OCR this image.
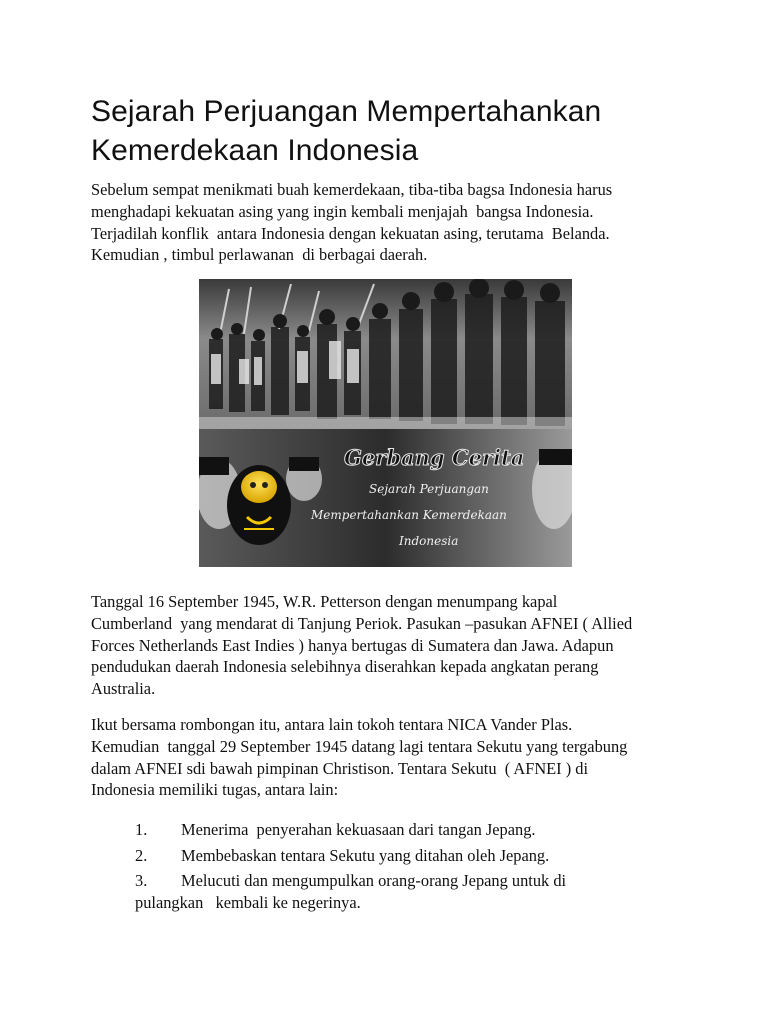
Sejarah Perjuangan Mempertahankan
Kemerdekaan Indonesia
Sebelum sempat menikmati buah kemerdekaan, tiba-tiba bagsa Indonesia harus
menghadapi kekuatan asing yang ingin kembali menjajah  bangsa Indonesia.
Terjadilah konflik  antara Indonesia dengan kekuatan asing, terutama  Belanda.
Kemudian , timbul perlawanan  di berbagai daerah.
Gerbang Cerita
Sejarah Perjuangan
Mempertahankan Kemerdekaan
Indonesia
Tanggal 16 September 1945, W.R. Petterson dengan menumpang kapal
Cumberland  yang mendarat di Tanjung Periok. Pasukan –pasukan AFNEI ( Allied
Forces Netherlands East Indies ) hanya bertugas di Sumatera dan Jawa. Adapun
pendudukan daerah Indonesia selebihnya diserahkan kepada angkatan perang
Australia.
Ikut bersama rombongan itu, antara lain tokoh tentara NICA Vander Plas.
Kemudian  tanggal 29 September 1945 datang lagi tentara Sekutu yang tergabung
dalam AFNEI sdi bawah pimpinan Christison. Tentara Sekutu  ( AFNEI ) di
Indonesia memiliki tugas, antara lain:
1. Menerima  penyerahan kekuasaan dari tangan Jepang.
2. Membebaskan tentara Sekutu yang ditahan oleh Jepang.
3. Melucuti dan mengumpulkan orang-orang Jepang untuk di
pulangkan   kembali ke negerinya.
